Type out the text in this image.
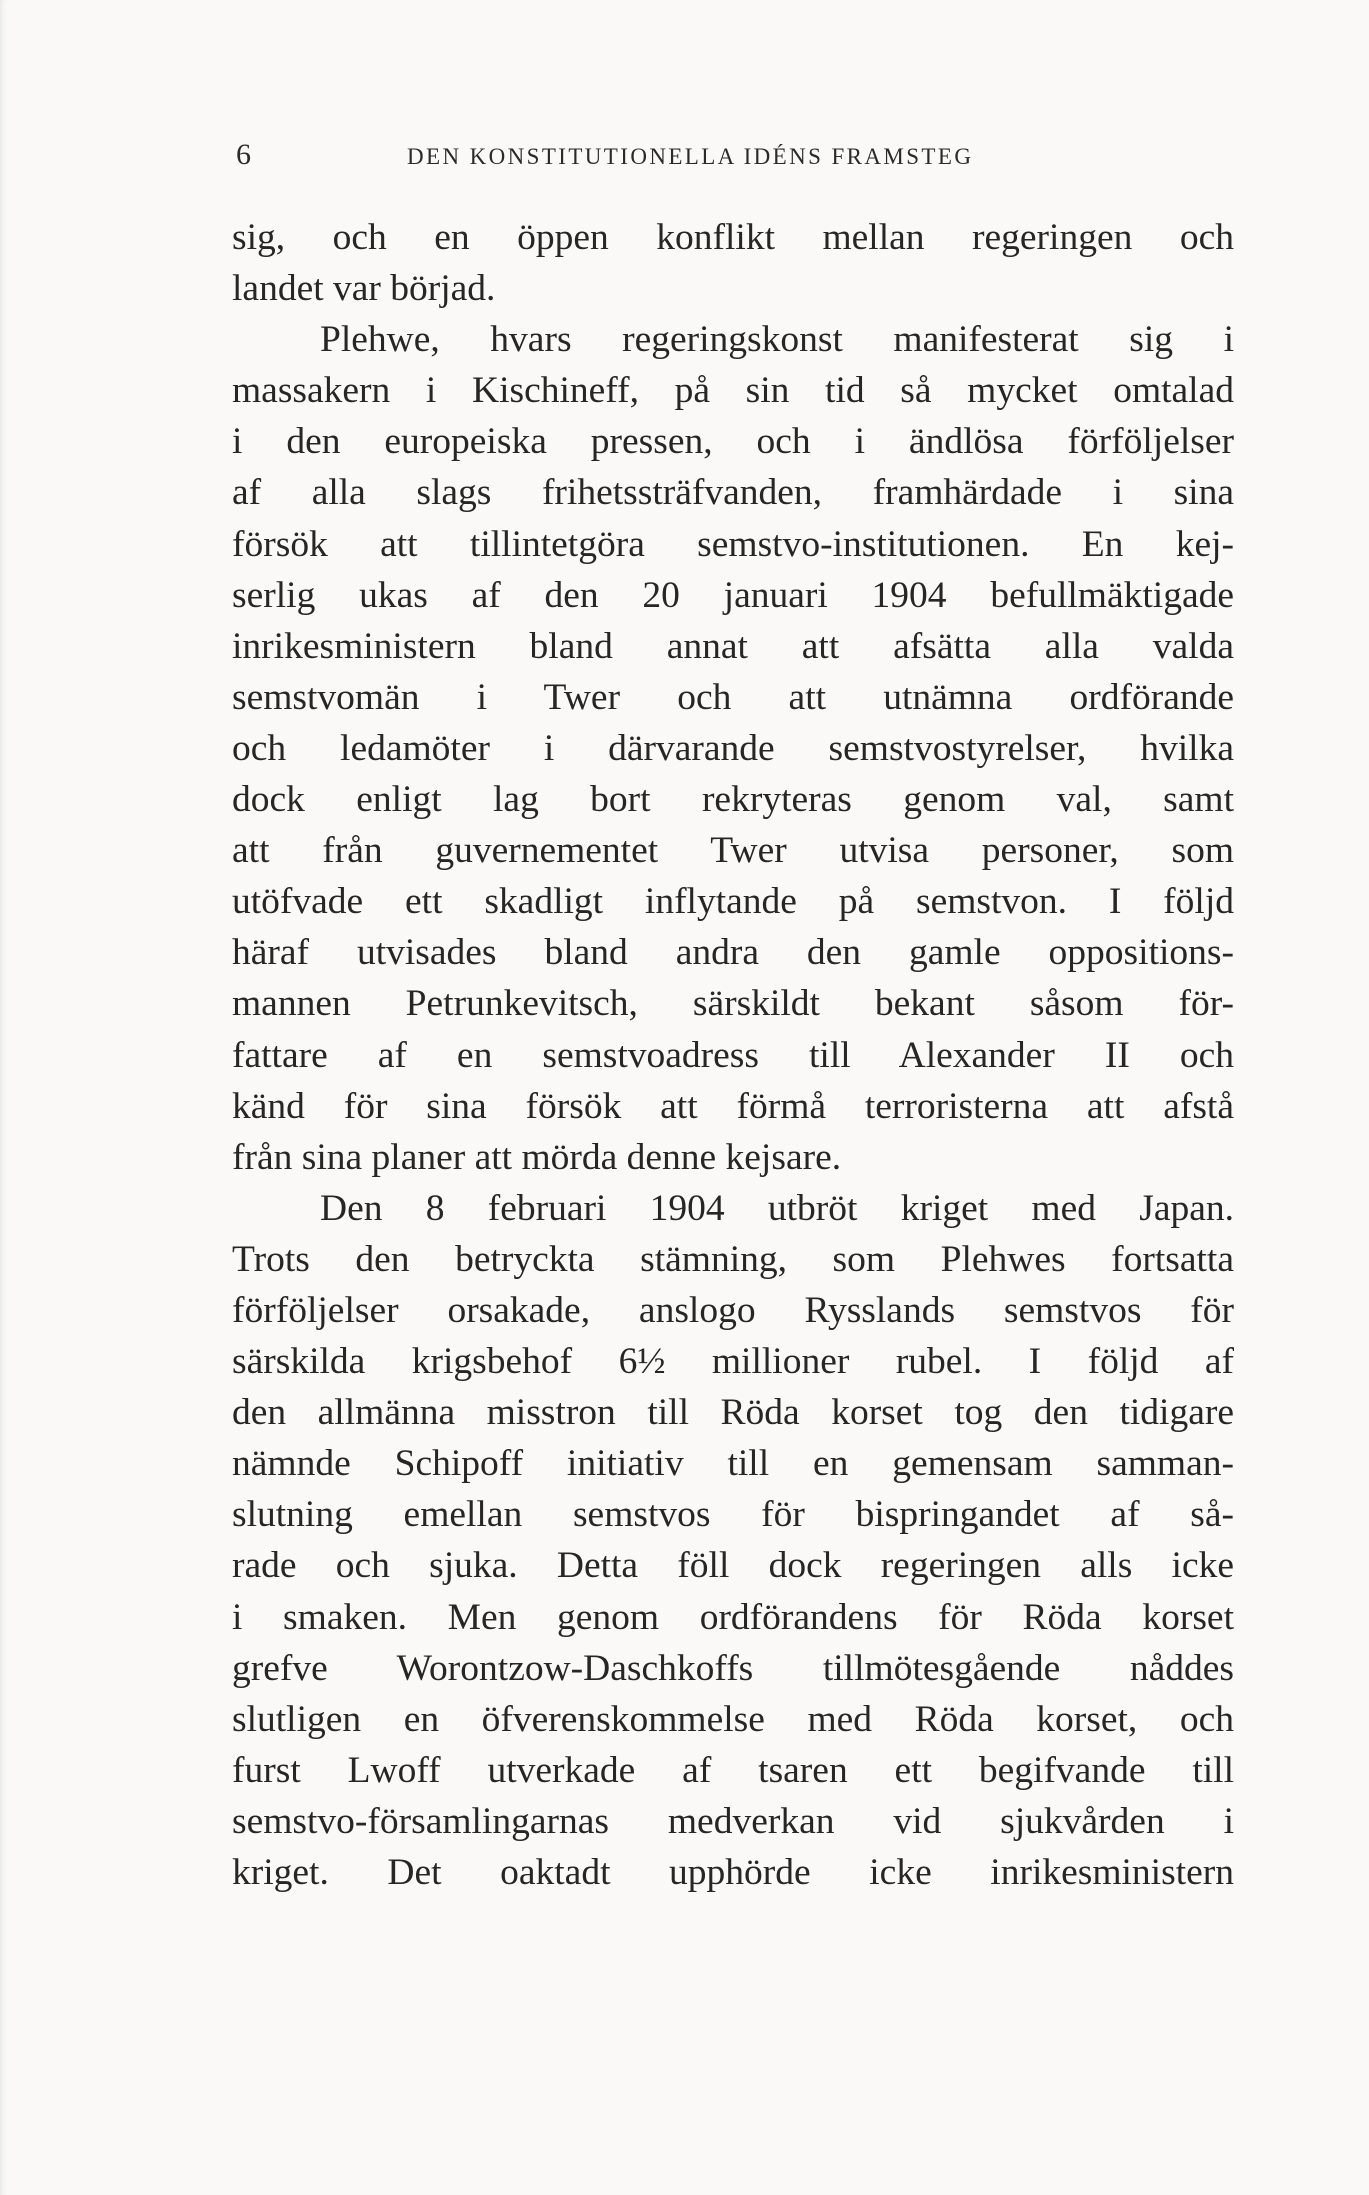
6	DEN KONSTITUTIONELLA IDÉNS FRAMSTEG
sig, och en öppen konflikt mellan regeringen och
landet var börjad.
Plehwe, hvars regeringskonst manifesterat sig i
massakern i Kischineff, på sin tid så mycket omtalad
i den europeiska pressen, och i ändlösa förföljelser
af alla slags frihetssträfvanden, framhärdade i sina
försök att tillintetgöra semstvo-institutionen. En kej-
serlig ukas af den 20 januari 1904 befullmäktigade
inrikesministern bland annat att afsätta alla valda
semstvomän i Twer och att utnämna ordförande
och ledamöter i därvarande semstvostyrelser, hvilka
dock enligt lag bort rekryteras genom val, samt
att från guvernementet Twer utvisa personer, som
utöfvade ett skadligt inflytande på semstvon. I följd
häraf utvisades bland andra den gamle oppositions-
mannen Petrunkevitsch, särskildt bekant såsom för-
fattare af en semstvoadress till Alexander II och
känd för sina försök att förmå terroristerna att afstå
från sina planer att mörda denne kejsare.
Den 8 februari 1904 utbröt kriget med Japan.
Trots den betryckta stämning, som Plehwes fortsatta
förföljelser orsakade, anslogo Rysslands semstvos för
särskilda krigsbehof 6½ millioner rubel. I följd af
den allmänna misstron till Röda korset tog den tidigare
nämnde Schipoff initiativ till en gemensam samman-
slutning emellan semstvos för bispringandet af så-
rade och sjuka. Detta föll dock regeringen alls icke
i smaken. Men genom ordförandens för Röda korset
grefve Worontzow-Daschkoffs tillmötesgående nåddes
slutligen en öfverenskommelse med Röda korset, och
furst Lwoff utverkade af tsaren ett begifvande till
semstvo-församlingarnas medverkan vid sjukvården i
kriget. Det oaktadt upphörde icke inrikesministern
